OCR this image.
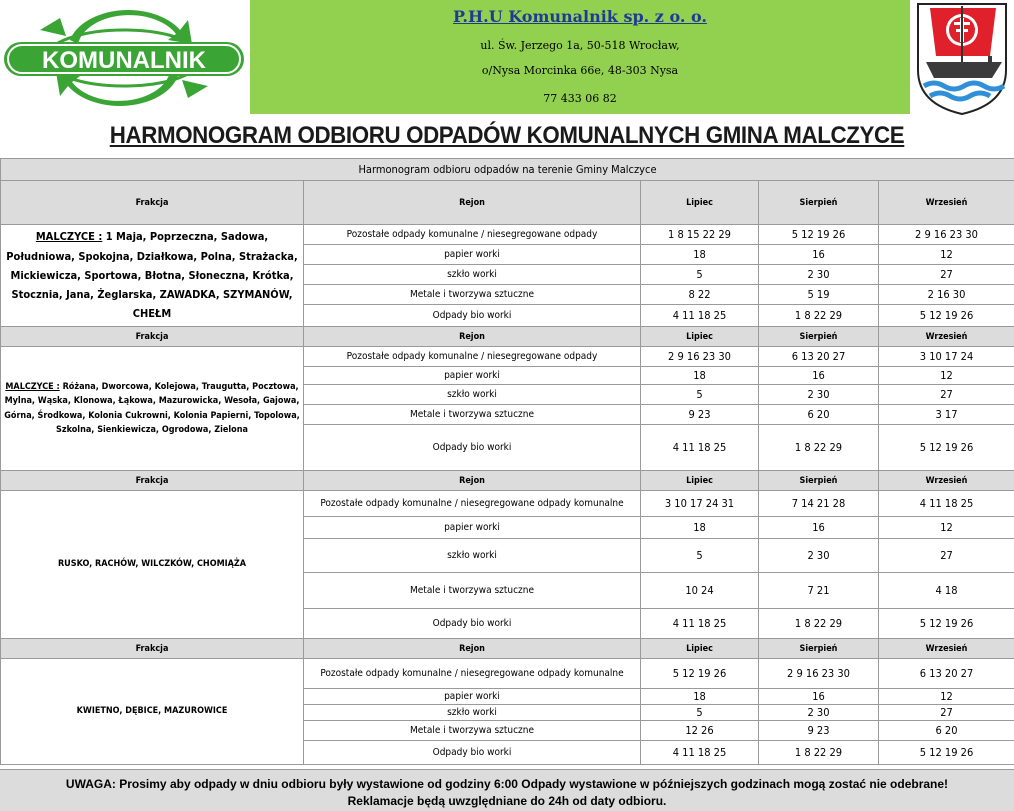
KOMUNALNIK
P.H.U Komunalnik sp. z o. o.
ul. Św. Jerzego 1a, 50-518 Wrocław,
o/Nysa Morcinka 66e, 48-303 Nysa
77 433 06 82
HARMONOGRAM ODBIORU ODPADÓW KOMUNALNYCH GMINA MALCZYCE
Harmonogram odbioru odpadów na terenie Gminy Malczyce				
Frakcja	Rejon	Lipiec	Sierpień	Wrzesień
MALCZYCE : 1 Maja, Poprzeczna, Sadowa, Południowa, Spokojna, Działkowa, Polna, Strażacka, Mickiewicza, Sportowa, Błotna, Słoneczna, Krótka, Stocznia, Jana, Żeglarska, ZAWADKA, SZYMANÓW, CHEŁM	Pozostałe odpady komunalne / niesegregowane odpady	1 8 15 22 29	5 12 19 26	2 9 16 23 30
	papier worki	18	16	12
	szkło worki	5	2 30	27
	Metale i tworzywa sztuczne	8 22	5 19	2 16 30
	Odpady bio worki	4 11 18 25	1 8 22 29	5 12 19 26
Frakcja	Rejon	Lipiec	Sierpień	Wrzesień
MALCZYCE : Różana, Dworcowa, Kolejowa, Traugutta, Pocztowa, Mylna, Wąska, Klonowa, Łąkowa, Mazurowicka, Wesoła, Gajowa, Górna, Środkowa, Kolonia Cukrowni, Kolonia Papierni, Topolowa, Szkolna, Sienkiewicza, Ogrodowa, Zielona	Pozostałe odpady komunalne / niesegregowane odpady	2 9 16 23 30	6 13 20 27	3 10 17 24
	papier worki	18	16	12
	szkło worki	5	2 30	27
	Metale i tworzywa sztuczne	9 23	6 20	3 17
	Odpady bio worki	4 11 18 25	1 8 22 29	5 12 19 26
Frakcja	Rejon	Lipiec	Sierpień	Wrzesień
RUSKO, RACHÓW, WILCZKÓW, CHOMIĄŻA	Pozostałe odpady komunalne / niesegregowane odpady komunalne	3 10 17 24 31	7 14 21 28	4 11 18 25
	papier worki	18	16	12
	szkło worki	5	2 30	27
	Metale i tworzywa sztuczne	10 24	7 21	4 18
	Odpady bio worki	4 11 18 25	1 8 22 29	5 12 19 26
Frakcja	Rejon	Lipiec	Sierpień	Wrzesień
KWIETNO, DĘBICE, MAZUROWICE	Pozostałe odpady komunalne / niesegregowane odpady komunalne	5 12 19 26	2 9 16 23 30	6 13 20 27
	papier worki	18	16	12
	szkło worki	5	2 30	27
	Metale i tworzywa sztuczne	12 26	9 23	6 20
	Odpady bio worki	4 11 18 25	1 8 22 29	5 12 19 26
UWAGA: Prosimy aby odpady w dniu odbioru były wystawione od godziny 6:00 Odpady wystawione w późniejszych godzinach mogą zostać nie odebrane!
Reklamacje będą uwzględniane do 24h od daty odbioru.
